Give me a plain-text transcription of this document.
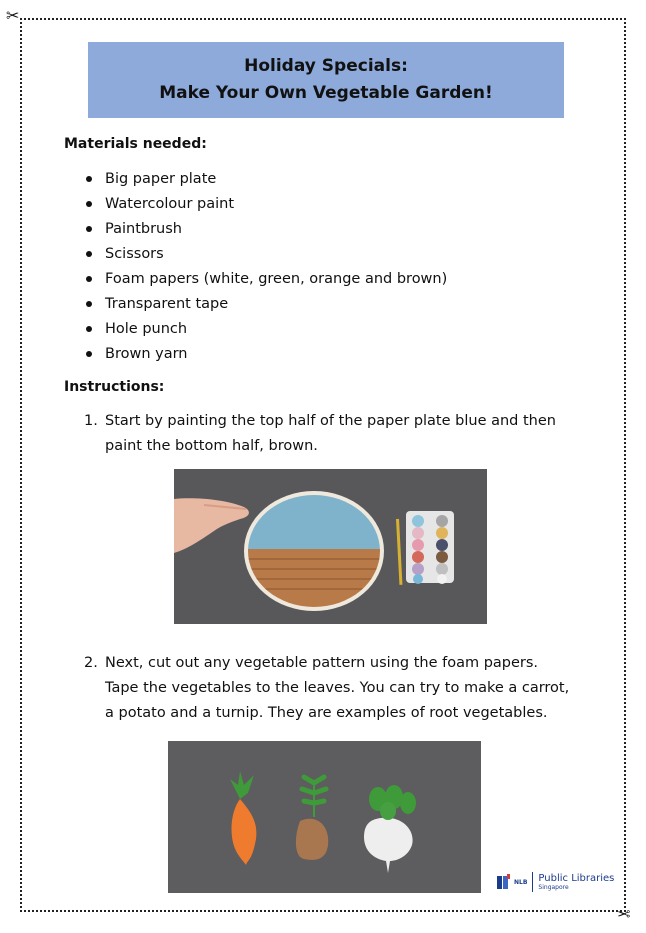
✂
✂
Holiday Specials:
Make Your Own Vegetable Garden!
Materials needed:
Big paper plate
Watercolour paint
Paintbrush
Scissors
Foam papers (white, green, orange and brown)
Transparent tape
Hole punch
Brown yarn
Instructions:
1. Start by painting the top half of the paper plate blue and then
paint the bottom half, brown.
2. Next, cut out any vegetable pattern using the foam papers.
Tape the vegetables to the leaves. You can try to make a carrot,
a potato and a turnip. They are examples of root vegetables.
NLB Public Libraries
Singapore
